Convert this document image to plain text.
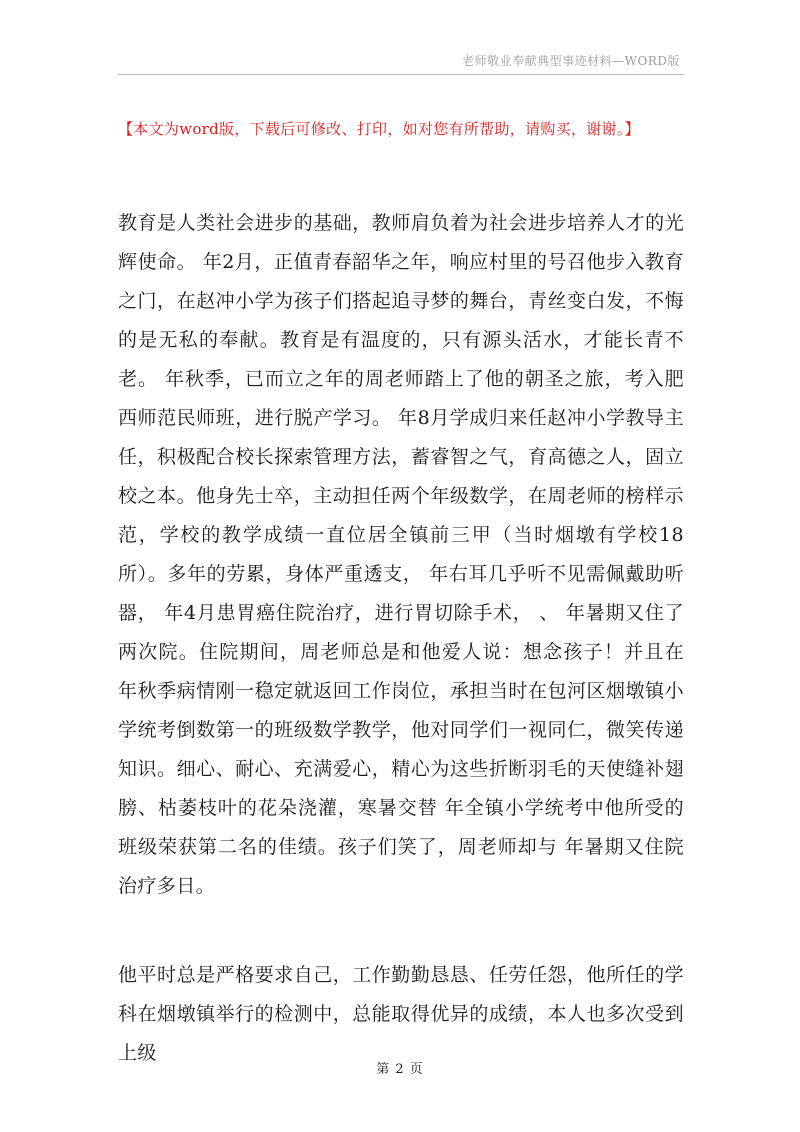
老师敬业奉献典型事迹材料—WORD版
【本文为word版，下载后可修改、打印，如对您有所帮助，请购买，谢谢。】

教育是人类社会进步的基础，教师肩负着为社会进步培养人才的光辉使命。 年2月，正值青春韶华之年，响应村里的号召他步入教育之门，在赵冲小学为孩子们搭起追寻梦的舞台，青丝变白发，不悔的是无私的奉献。教育是有温度的，只有源头活水，才能长青不老。 年秋季，已而立之年的周老师踏上了他的朝圣之旅，考入肥西师范民师班，进行脱产学习。 年8月学成归来任赵冲小学教导主任，积极配合校长探索管理方法，蓄睿智之气，育高德之人，固立校之本。他身先士卒，主动担任两个年级数学，在周老师的榜样示范，学校的教学成绩一直位居全镇前三甲（当时烟墩有学校18所）。多年的劳累，身体严重透支， 年右耳几乎听不见需佩戴助听器， 年4月患胃癌住院治疗，进行胃切除手术， 、 年暑期又住了两次院。住院期间，周老师总是和他爱人说：想念孩子！并且在 年秋季病情刚一稳定就返回工作岗位，承担当时在包河区烟墩镇小学统考倒数第一的班级数学教学，他对同学们一视同仁，微笑传递知识。细心、耐心、充满爱心，精心为这些折断羽毛的天使缝补翅膀、枯萎枝叶的花朵浇灌，寒暑交替 年全镇小学统考中他所受的班级荣获第二名的佳绩。孩子们笑了，周老师却与 年暑期又住院治疗多日。

他平时总是严格要求自己，工作勤勤恳恳、任劳任怨，他所任的学科在烟墩镇举行的检测中，总能取得优异的成绩，本人也多次受到上级

第 2 页
